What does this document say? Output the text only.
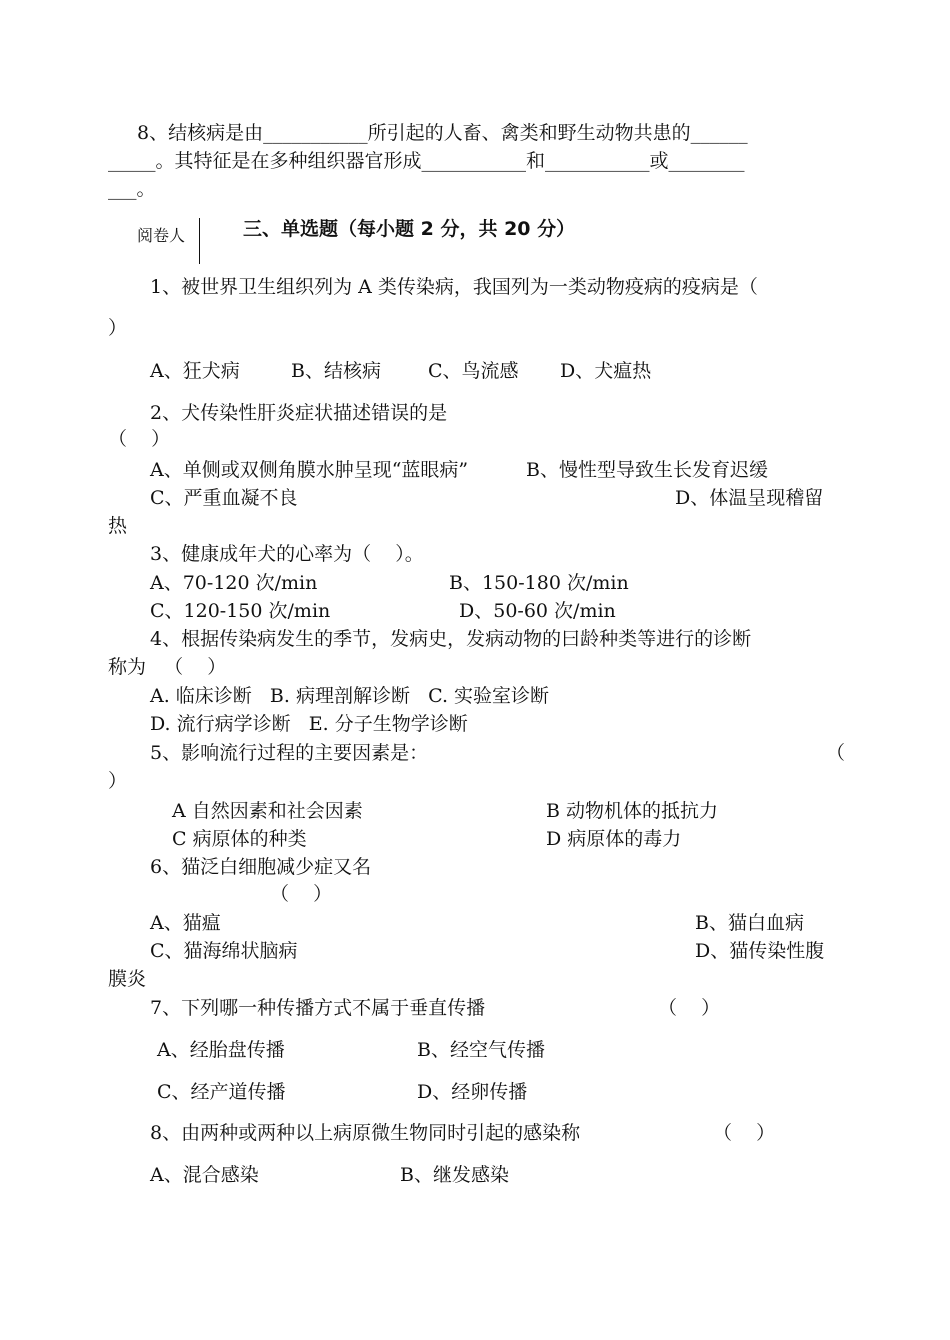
8、结核病是由___________所引起的人畜、禽类和野生动物共患的______
_____。其特征是在多种组织器官形成___________和___________或________
___。
阅卷人	三、单选题（每小题 2 分，共 20 分）
1、被世界卫生组织列为 A 类传染病，我国列为一类动物疫病的疫病是（
）
A、狂犬病	B、结核病 C、鸟流感 D、犬瘟热
2、犬传染性肝炎症状描述错误的是
（    ）
A、单侧或双侧角膜水肿呈现“蓝眼病”	B、慢性型导致生长发育迟缓
C、严重血凝不良	D、体温呈现稽留
热
3、健康成年犬的心率为（    ）。
A、70-120 次/min	B、150-180 次/min
C、120-150 次/min	D、50-60 次/min
4、根据传染病发生的季节，发病史，发病动物的曰龄种类等进行的诊断
称为   （    ）
A. 临床诊断   B. 病理剖解诊断   C. 实验室诊断
D. 流行病学诊断   E. 分子生物学诊断
5、影响流行过程的主要因素是：	（
）
A 自然因素和社会因素	B 动物机体的抵抗力
C 病原体的种类	D 病原体的毒力
6、猫泛白细胞减少症又名
（    ）
A、猫瘟	B、猫白血病
C、猫海绵状脑病	D、猫传染性腹
膜炎
7、下列哪一种传播方式不属于垂直传播	（    ）
A、经胎盘传播	B、经空气传播
C、经产道传播	D、经卵传播
8、由两种或两种以上病原微生物同时引起的感染称	（    ）
A、混合感染	B、继发感染
